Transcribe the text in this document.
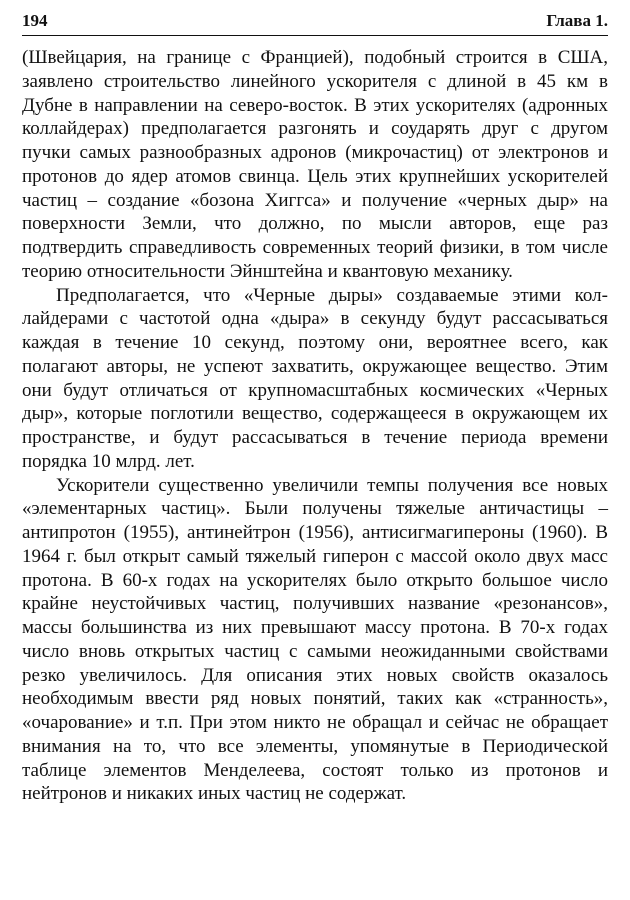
194	Глава 1.

(Швейцария, на границе с Францией), подобный строится в США, заявлено строительство линейного ускорителя с длиной в 45 км в Дубне в направлении на северо-восток. В этих ускорителях (адронных коллайдерах) предполагается разгонять и соударять друг с другом пучки самых разнообразных адронов (микрочастиц) от электронов и протонов до ядер атомов свинца. Цель этих крупнейших ускорителей частиц – создание «бозона Хиггса» и получение «черных дыр» на поверхности Земли, что должно, по мысли авторов, еще раз подтвердить справедливость современных теорий физики, в том числе теорию относительности Эйнштейна и квантовую механику.

Предполагается, что «Черные дыры» создаваемые этими коллайдерами с частотой одна «дыра» в секунду будут рассасываться каждая в течение 10 секунд, поэтому они, вероятнее всего, как полагают авторы, не успеют захватить, окружающее вещество. Этим они будут отличаться от крупномасштабных космических «Черных дыр», которые поглотили вещество, содержащееся в окружающем их пространстве, и будут рассасываться в течение периода времени порядка 10 млрд. лет.

Ускорители существенно увеличили темпы получения все новых «элементарных частиц». Были получены тяжелые античастицы – антипротон (1955), антинейтрон (1956), антисигмагипероны (1960). В 1964 г. был открыт самый тяжелый гиперон с массой около двух масс протона. В 60-х годах на ускорителях было открыто большое число крайне неустойчивых частиц, получивших название «резонансов», массы большинства из них превышают массу протона. В 70-х годах число вновь открытых частиц с самыми неожиданными свойствами резко увеличилось. Для описания этих новых свойств оказалось необходимым ввести ряд новых понятий, таких как «странность», «очарование» и т.п. При этом никто не обращал и сейчас не обращает внимания на то, что все элементы, упомянутые в Периодической таблице элементов Менделеева, состоят только из протонов и нейтронов и никаких иных частиц не содержат.
